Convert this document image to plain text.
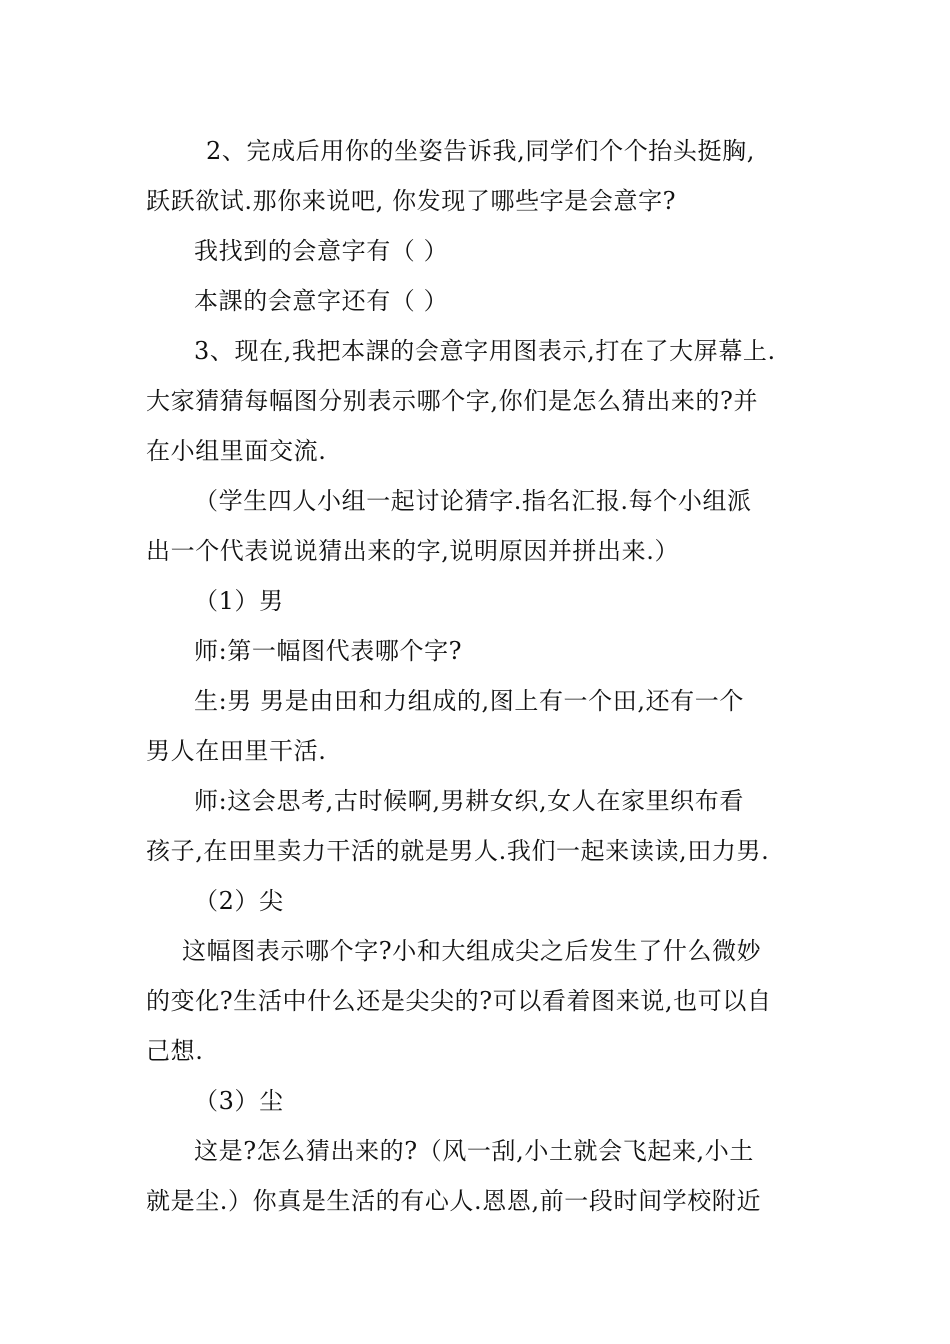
2、完成后用你的坐姿告诉我,同学们个个抬头挺胸,
跃跃欲试.那你来说吧, 你发现了哪些字是会意字?
我找到的会意字有（ ）
本課的会意字还有（ ）
3、现在,我把本課的会意字用图表示,打在了大屏幕上.
大家猜猜每幅图分别表示哪个字,你们是怎么猜出来的?并
在小组里面交流.
（学生四人小组一起讨论猜字.指名汇报.每个小组派
出一个代表说说猜出来的字,说明原因并拼出来.）
（1）男
师:第一幅图代表哪个字?
生:男 男是由田和力组成的,图上有一个田,还有一个
男人在田里干活.
师:这会思考,古时候啊,男耕女织,女人在家里织布看
孩子,在田里卖力干活的就是男人.我们一起来读读,田力男.
（2）尖
这幅图表示哪个字?小和大组成尖之后发生了什么微妙
的变化?生活中什么还是尖尖的?可以看着图来说,也可以自
己想.
（3）尘
这是?怎么猜出来的?（风一刮,小土就会飞起来,小土
就是尘.）你真是生活的有心人.恩恩,前一段时间学校附近
